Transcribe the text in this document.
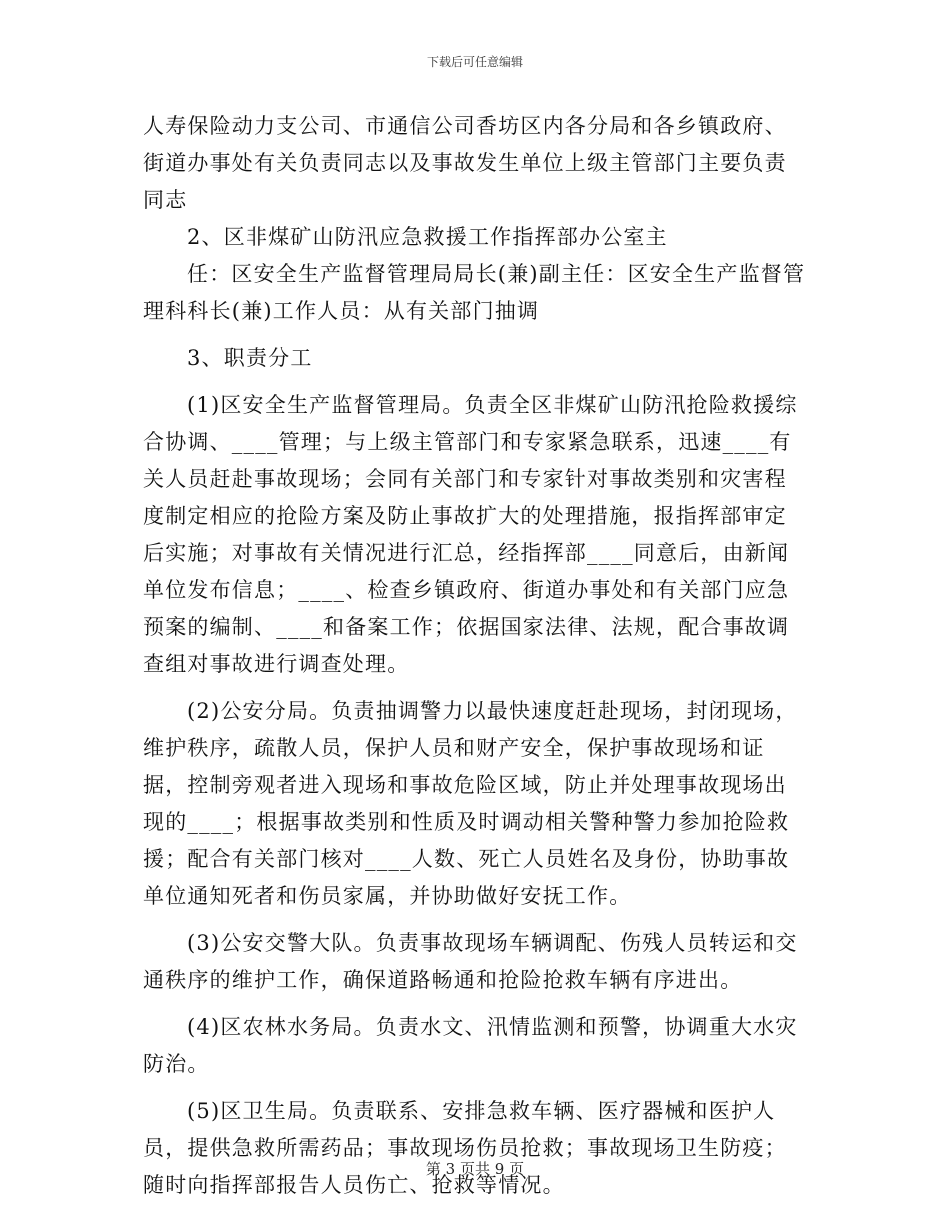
下载后可任意编辑

人寿保险动力支公司、市通信公司香坊区内各分局和各乡镇政府、街道办事处有关负责同志以及事故发生单位上级主管部门主要负责同志

2、区非煤矿山防汛应急救援工作指挥部办公室主

任：区安全生产监督管理局局长(兼)副主任：区安全生产监督管理科科长(兼)工作人员：从有关部门抽调

3、职责分工

(1)区安全生产监督管理局。负责全区非煤矿山防汛抢险救援综合协调、____管理；与上级主管部门和专家紧急联系，迅速____有关人员赶赴事故现场；会同有关部门和专家针对事故类别和灾害程度制定相应的抢险方案及防止事故扩大的处理措施，报指挥部审定后实施；对事故有关情况进行汇总，经指挥部____同意后，由新闻单位发布信息；____、检查乡镇政府、街道办事处和有关部门应急预案的编制、____和备案工作；依据国家法律、法规，配合事故调查组对事故进行调查处理。

(2)公安分局。负责抽调警力以最快速度赶赴现场，封闭现场，维护秩序，疏散人员，保护人员和财产安全，保护事故现场和证据，控制旁观者进入现场和事故危险区域，防止并处理事故现场出现的____；根据事故类别和性质及时调动相关警种警力参加抢险救援；配合有关部门核对____人数、死亡人员姓名及身份，协助事故单位通知死者和伤员家属，并协助做好安抚工作。

(3)公安交警大队。负责事故现场车辆调配、伤残人员转运和交通秩序的维护工作，确保道路畅通和抢险抢救车辆有序进出。

(4)区农林水务局。负责水文、汛情监测和预警，协调重大水灾防治。

(5)区卫生局。负责联系、安排急救车辆、医疗器械和医护人员，提供急救所需药品；事故现场伤员抢救；事故现场卫生防疫；随时向指挥部报告人员伤亡、抢救等情况。

第 3 页共 9 页
